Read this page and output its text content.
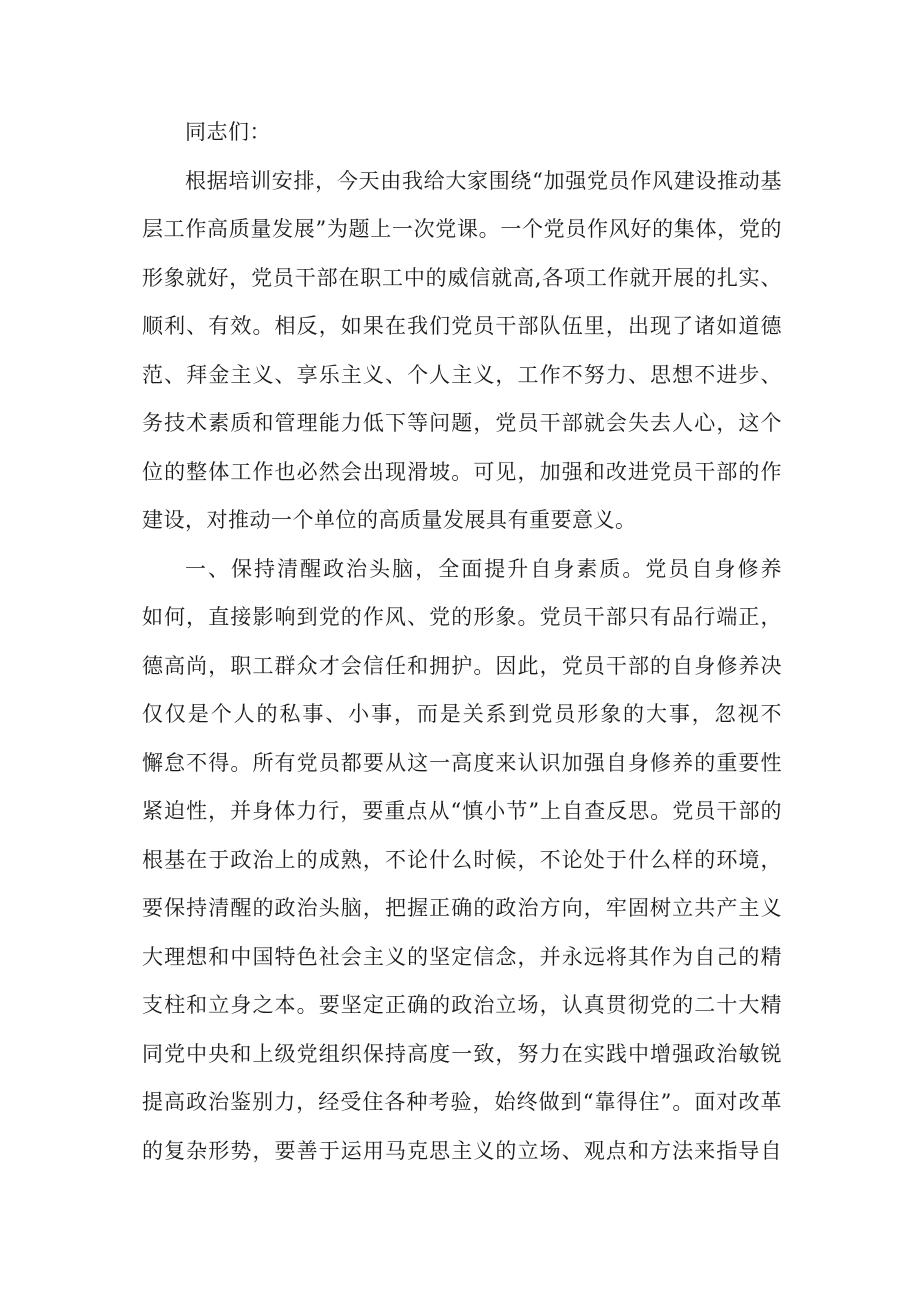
同志们：
根据培训安排，今天由我给大家围绕“加强党员作风建设推动基
层工作高质量发展”为题上一次党课。一个党员作风好的集体，党的
形象就好，党员干部在职工中的威信就高,各项工作就开展的扎实、
顺利、有效。相反，如果在我们党员干部队伍里，出现了诸如道德
范、拜金主义、享乐主义、个人主义，工作不努力、思想不进步、
务技术素质和管理能力低下等问题，党员干部就会失去人心，这个
位的整体工作也必然会出现滑坡。可见，加强和改进党员干部的作
建设，对推动一个单位的高质量发展具有重要意义。
一、保持清醒政治头脑，全面提升自身素质。党员自身修养
如何，直接影响到党的作风、党的形象。党员干部只有品行端正，
德高尚，职工群众才会信任和拥护。因此，党员干部的自身修养决
仅仅是个人的私事、小事，而是关系到党员形象的大事，忽视不
懈怠不得。所有党员都要从这一高度来认识加强自身修养的重要性
紧迫性，并身体力行，要重点从“慎小节”上自查反思。党员干部的
根基在于政治上的成熟，不论什么时候，不论处于什么样的环境，
要保持清醒的政治头脑，把握正确的政治方向，牢固树立共产主义
大理想和中国特色社会主义的坚定信念，并永远将其作为自己的精
支柱和立身之本。要坚定正确的政治立场，认真贯彻党的二十大精
同党中央和上级党组织保持高度一致，努力在实践中增强政治敏锐
提高政治鉴别力，经受住各种考验，始终做到“靠得住”。面对改革
的复杂形势，要善于运用马克思主义的立场、观点和方法来指导自
